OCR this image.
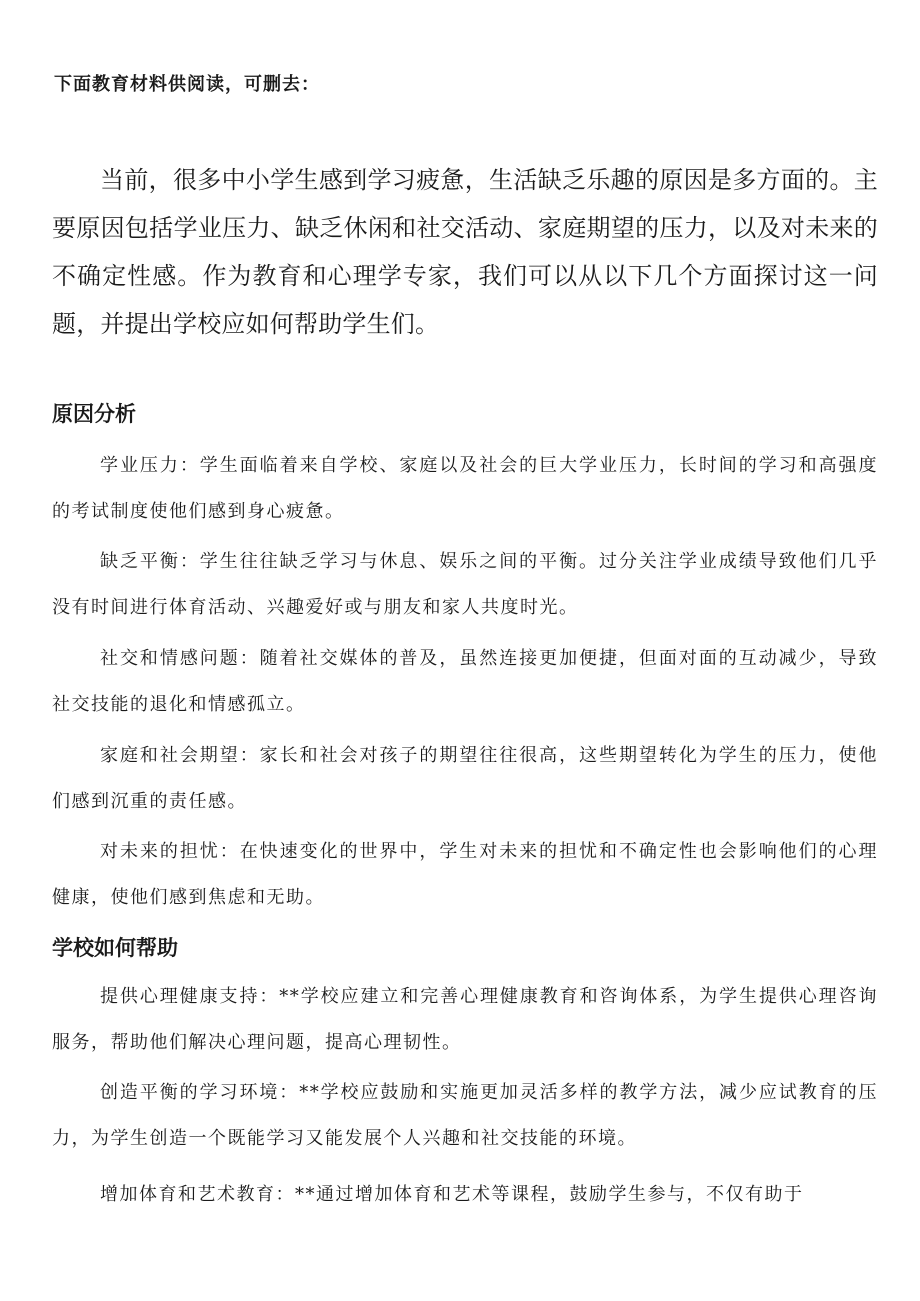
下面教育材料供阅读，可删去：

当前，很多中小学生感到学习疲惫，生活缺乏乐趣的原因是多方面的。主要原因包括学业压力、缺乏休闲和社交活动、家庭期望的压力，以及对未来的不确定性感。作为教育和心理学专家，我们可以从以下几个方面探讨这一问题，并提出学校应如何帮助学生们。

原因分析

学业压力：学生面临着来自学校、家庭以及社会的巨大学业压力，长时间的学习和高强度的考试制度使他们感到身心疲惫。

缺乏平衡：学生往往缺乏学习与休息、娱乐之间的平衡。过分关注学业成绩导致他们几乎没有时间进行体育活动、兴趣爱好或与朋友和家人共度时光。

社交和情感问题：随着社交媒体的普及，虽然连接更加便捷，但面对面的互动减少，导致社交技能的退化和情感孤立。

家庭和社会期望：家长和社会对孩子的期望往往很高，这些期望转化为学生的压力，使他们感到沉重的责任感。

对未来的担忧：在快速变化的世界中，学生对未来的担忧和不确定性也会影响他们的心理健康，使他们感到焦虑和无助。

学校如何帮助

提供心理健康支持：**学校应建立和完善心理健康教育和咨询体系，为学生提供心理咨询服务，帮助他们解决心理问题，提高心理韧性。

创造平衡的学习环境：**学校应鼓励和实施更加灵活多样的教学方法，减少应试教育的压力，为学生创造一个既能学习又能发展个人兴趣和社交技能的环境。

增加体育和艺术教育：**通过增加体育和艺术等课程，鼓励学生参与，不仅有助于
